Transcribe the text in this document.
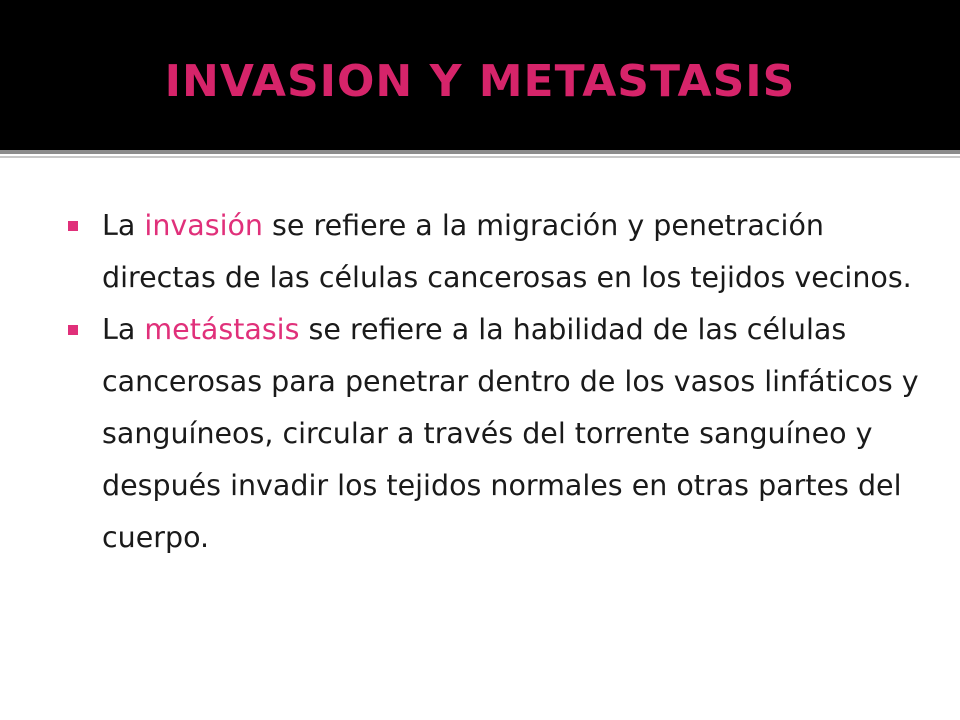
INVASION Y METASTASIS
La invasión se refiere a la migración y penetración directas de las células cancerosas en los tejidos vecinos.
La metástasis se refiere a la habilidad de las células cancerosas para penetrar dentro de los vasos linfáticos y sanguíneos, circular a través del torrente sanguíneo y después invadir los tejidos normales en otras partes del cuerpo.
